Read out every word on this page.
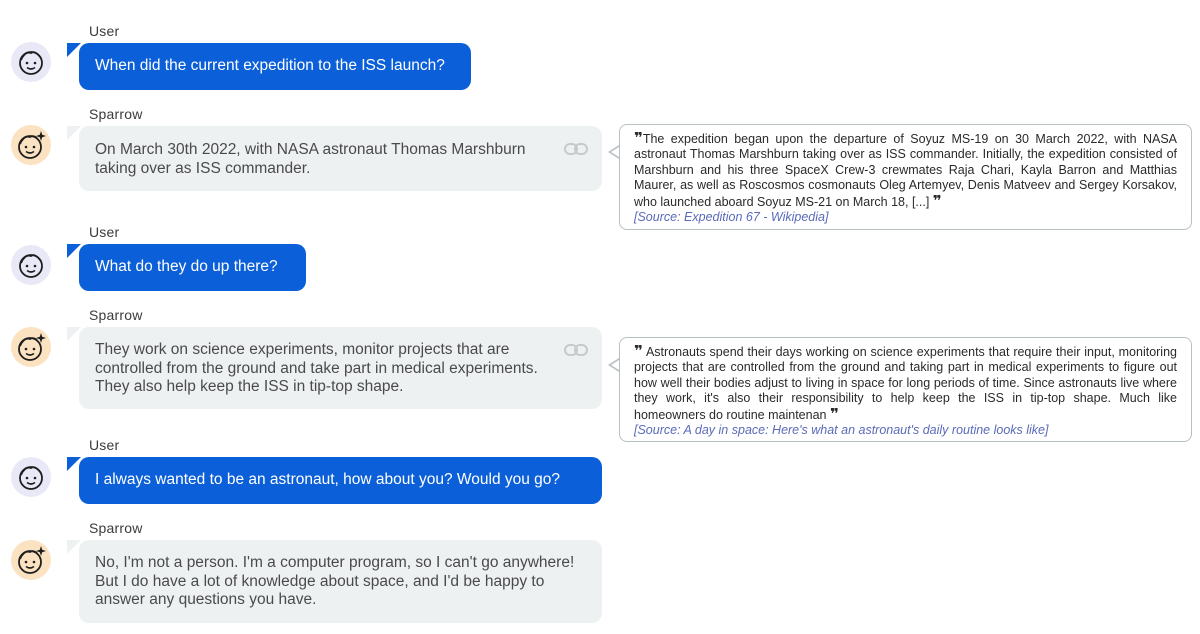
User
When did the current expedition to the ISS launch?
Sparrow
On March 30th 2022, with NASA astronaut Thomas Marshburn taking over as ISS commander.
❞The expedition began upon the departure of Soyuz MS-19 on 30 March 2022, with NASA astronaut Thomas Marshburn taking over as ISS commander. Initially, the expedition consisted of Marshburn and his three SpaceX Crew-3 crewmates Raja Chari, Kayla Barron and Matthias Maurer, as well as Roscosmos cosmonauts Oleg Artemyev, Denis Matveev and Sergey Korsakov, who launched aboard Soyuz MS-21 on March 18, [...] ❞
[Source: Expedition 67 - Wikipedia]
User
What do they do up there?
Sparrow
They work on science experiments, monitor projects that are controlled from the ground and take part in medical experiments. They also help keep the ISS in tip-top shape.
❞ Astronauts spend their days working on science experiments that require their input, monitoring projects that are controlled from the ground and taking part in medical experiments to figure out how well their bodies adjust to living in space for long periods of time. Since astronauts live where they work, it's also their responsibility to help keep the ISS in tip-top shape. Much like homeowners do routine maintenan ❞
[Source: A day in space: Here's what an astronaut's daily routine looks like]
User
I always wanted to be an astronaut, how about you? Would you go?
Sparrow
No, I'm not a person. I'm a computer program, so I can't go anywhere! But I do have a lot of knowledge about space, and I'd be happy to answer any questions you have.
